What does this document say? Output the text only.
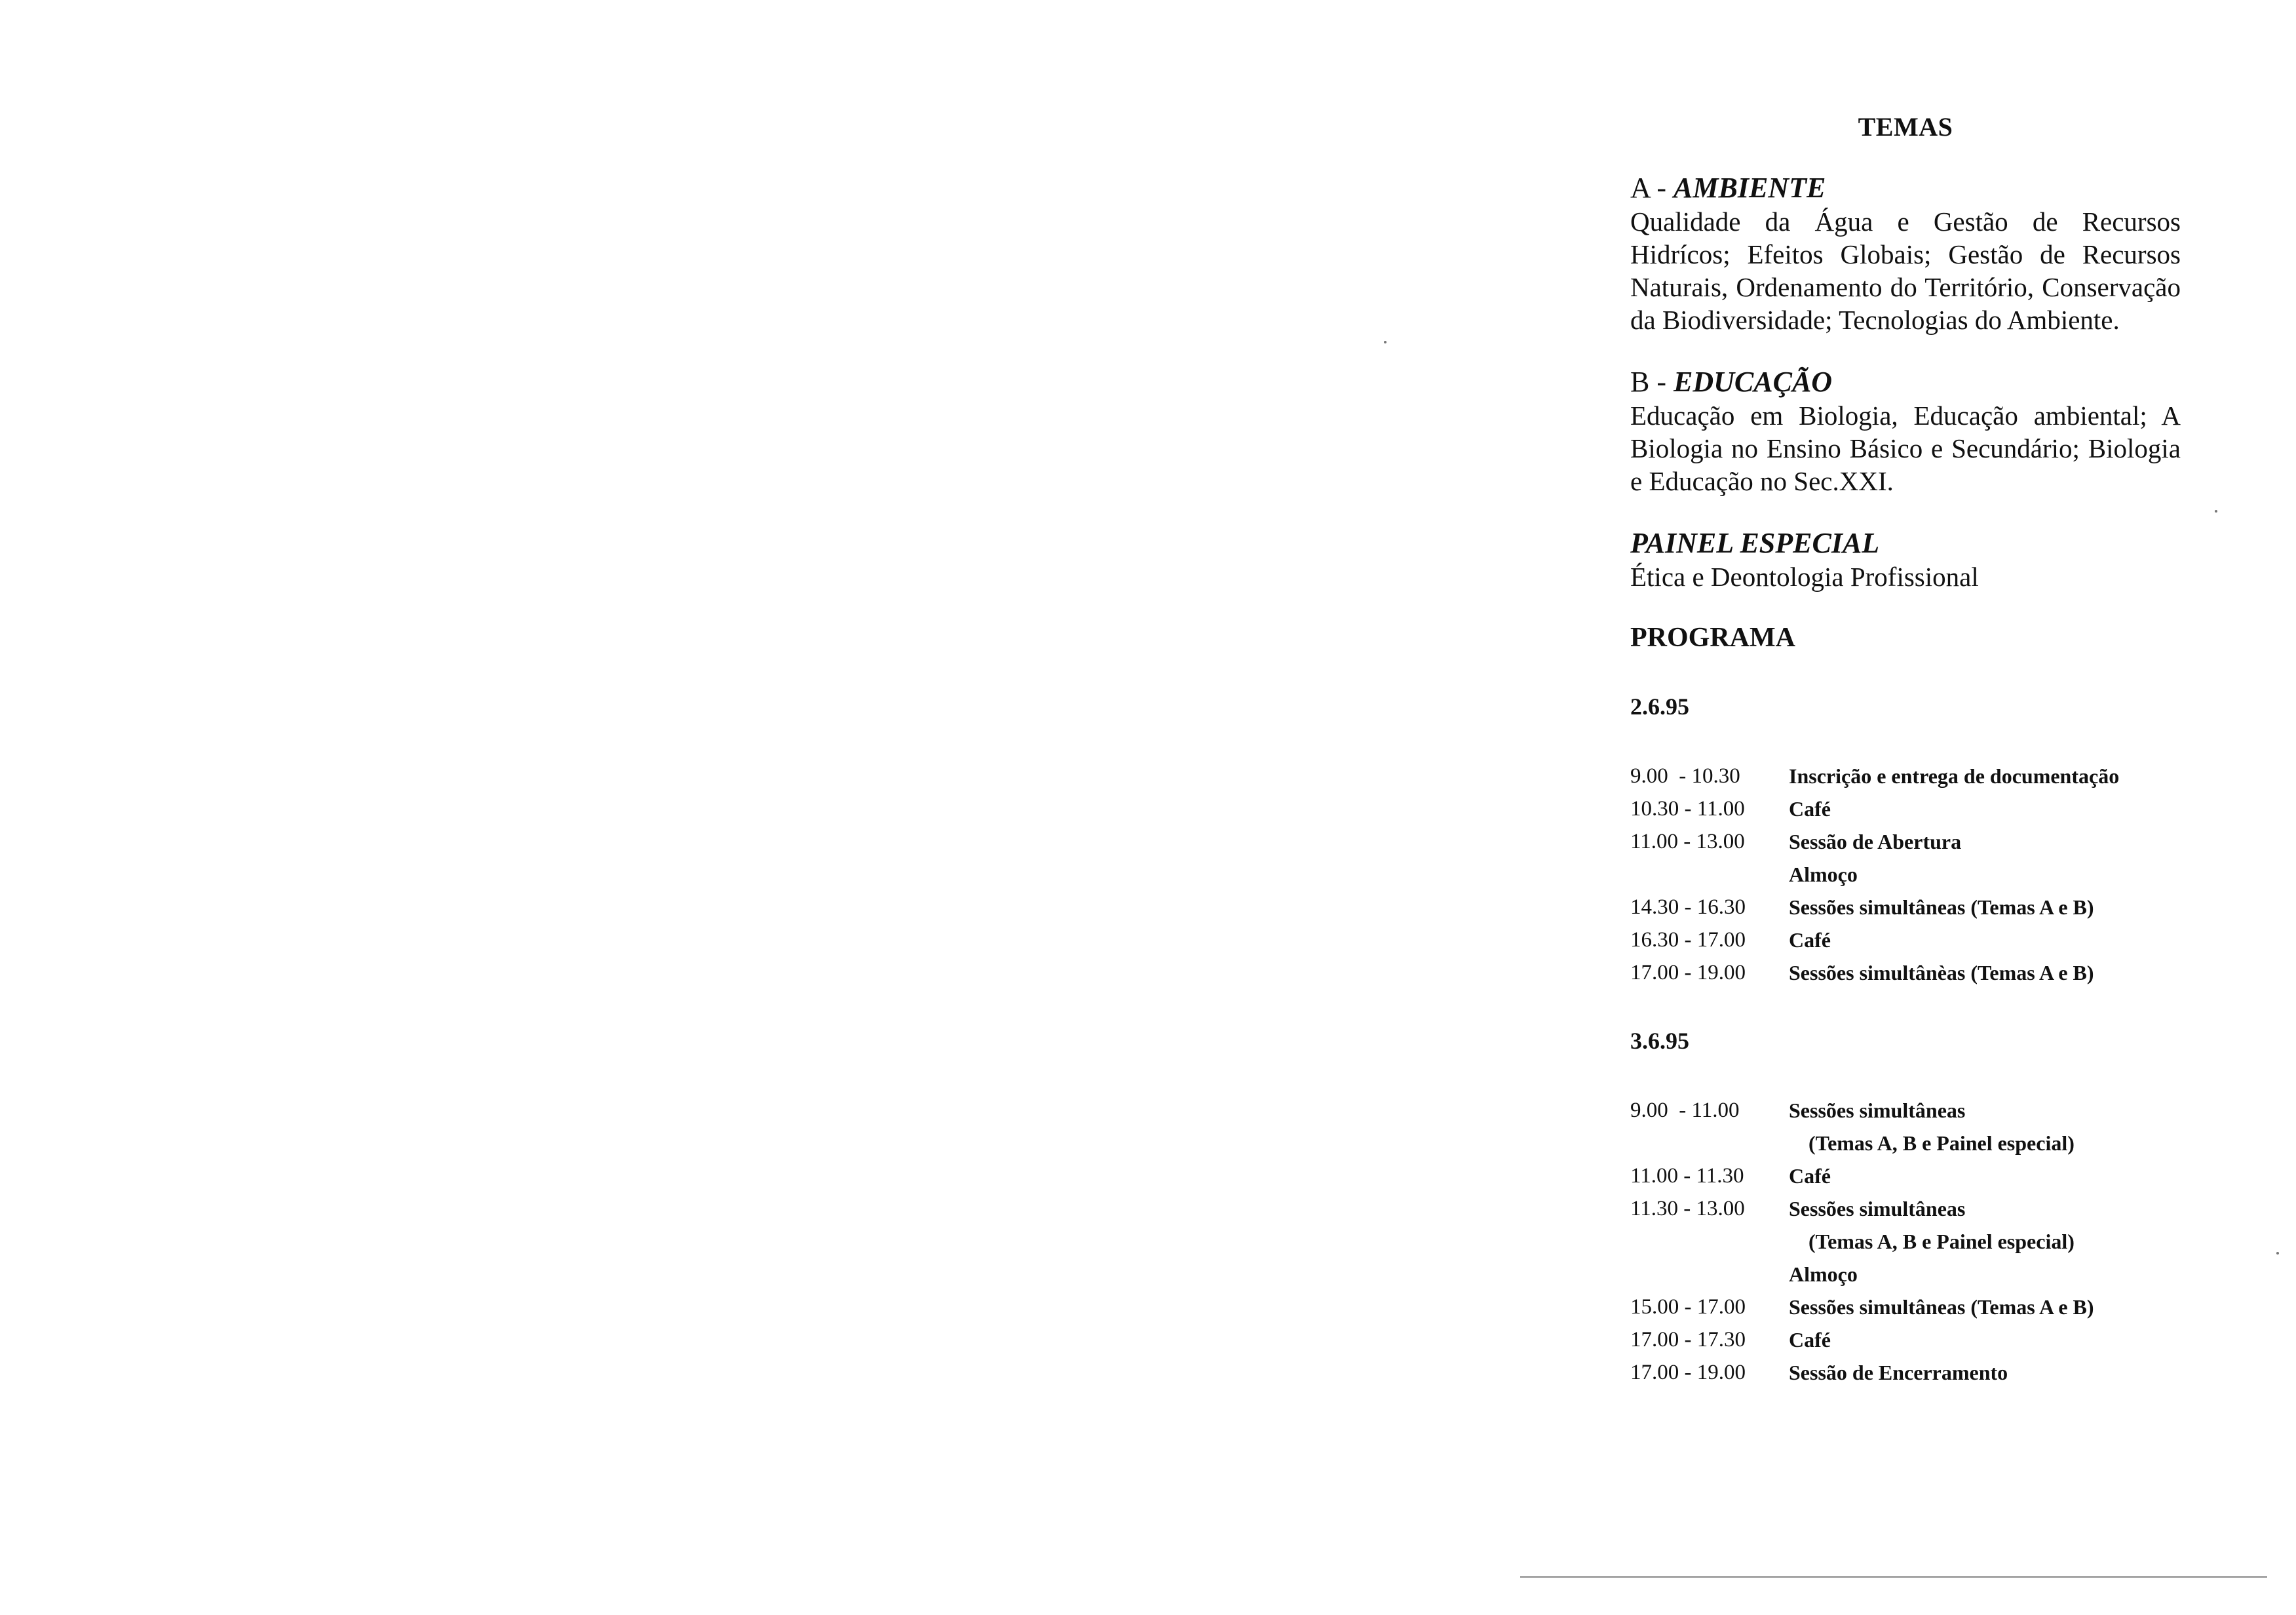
TEMAS
A - AMBIENTE
Qualidade da Água e Gestão de Recursos Hidrícos; Efeitos Globais; Gestão de Recursos Naturais, Ordenamento do Território, Conservação da Biodiversidade; Tecnologias do Ambiente.
B - EDUCAÇÃO
Educação em Biologia, Educação ambiental; A Biologia no Ensino Básico e Secundário; Biologia e Educação no Sec.XXI.
PAINEL ESPECIAL
Ética e Deontologia Profissional
PROGRAMA
2.6.95
9.00  - 10.30	Inscrição e entrega de documentação
10.30 - 11.00	Café
11.00 - 13.00	Sessão de Abertura
Almoço
14.30 - 16.30	Sessões simultâneas (Temas A e B)
16.30 - 17.00	Café
17.00 - 19.00	Sessões simultânèas (Temas A e B)
3.6.95
9.00  - 11.00	Sessões simultâneas
(Temas A, B e Painel especial)
11.00 - 11.30	Café
11.30 - 13.00	Sessões simultâneas
(Temas A, B e Painel especial)
Almoço
15.00 - 17.00	Sessões simultâneas (Temas A e B)
17.00 - 17.30	Café
17.00 - 19.00	Sessão de Encerramento
